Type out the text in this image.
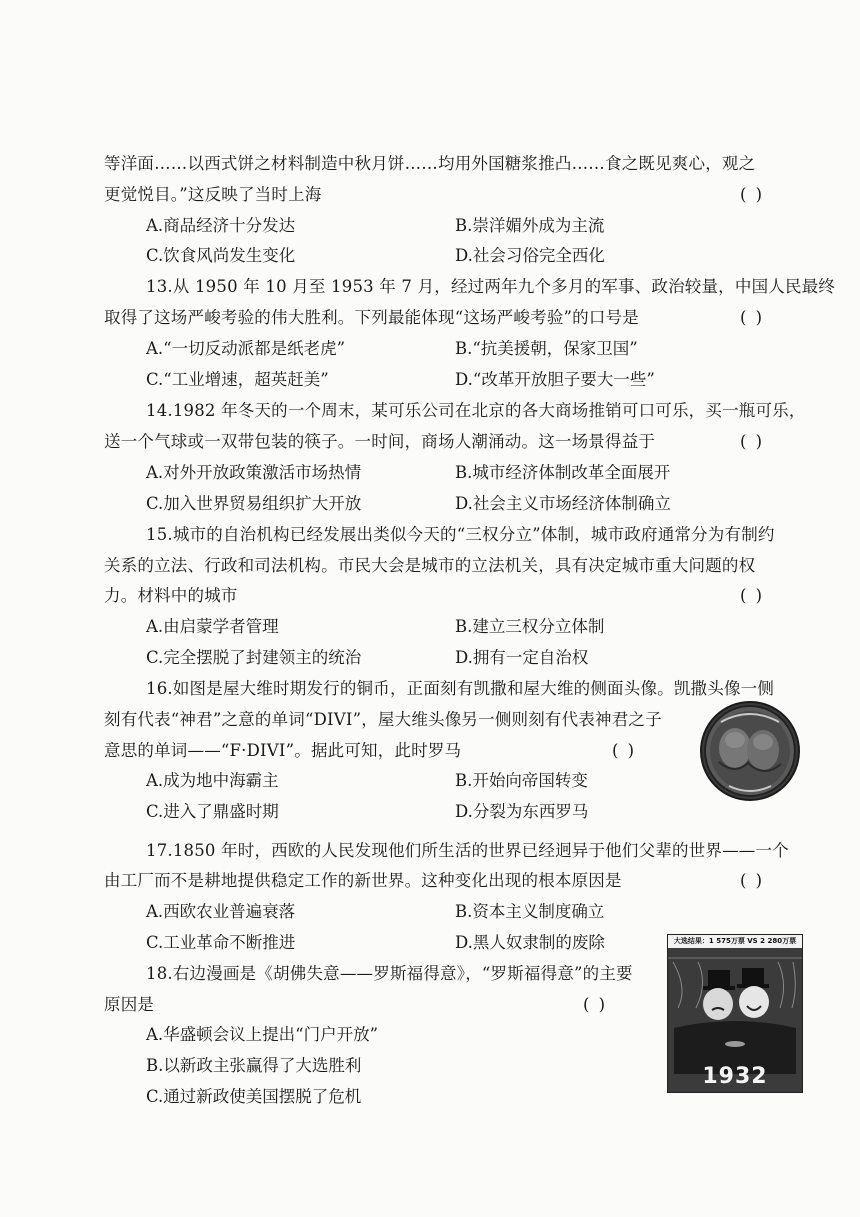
等洋面……以西式饼之材料制造中秋月饼……均用外国糖浆推凸……食之既见爽心，观之
更觉悦目。”这反映了当时上海	( )
A.商品经济十分发达	B.崇洋媚外成为主流
C.饮食风尚发生变化	D.社会习俗完全西化
13.从 1950 年 10 月至 1953 年 7 月，经过两年九个多月的军事、政治较量，中国人民最终
取得了这场严峻考验的伟大胜利。下列最能体现“这场严峻考验”的口号是	( )
A.“一切反动派都是纸老虎”	B.“抗美援朝，保家卫国”
C.“工业增速，超英赶美”	D.“改革开放胆子要大一些”
14.1982 年冬天的一个周末，某可乐公司在北京的各大商场推销可口可乐，买一瓶可乐，
送一个气球或一双带包装的筷子。一时间，商场人潮涌动。这一场景得益于	( )
A.对外开放政策激活市场热情	B.城市经济体制改革全面展开
C.加入世界贸易组织扩大开放	D.社会主义市场经济体制确立
15.城市的自治机构已经发展出类似今天的“三权分立”体制，城市政府通常分为有制约
关系的立法、行政和司法机构。市民大会是城市的立法机关，具有决定城市重大问题的权
力。材料中的城市	( )
A.由启蒙学者管理	B.建立三权分立体制
C.完全摆脱了封建领主的统治	D.拥有一定自治权
16.如图是屋大维时期发行的铜币，正面刻有凯撒和屋大维的侧面头像。凯撒头像一侧
刻有代表“神君”之意的单词“DIVI”，屋大维头像另一侧则刻有代表神君之子
意思的单词——“F·DIVI”。据此可知，此时罗马	( )
A.成为地中海霸主	B.开始向帝国转变
C.进入了鼎盛时期	D.分裂为东西罗马
17.1850 年时，西欧的人民发现他们所生活的世界已经迥异于他们父辈的世界——一个
由工厂而不是耕地提供稳定工作的新世界。这种变化出现的根本原因是	( )
A.西欧农业普遍衰落	B.资本主义制度确立
C.工业革命不断推进	D.黑人奴隶制的废除
18.右边漫画是《胡佛失意——罗斯福得意》，“罗斯福得意”的主要
原因是	( )
A.华盛顿会议上提出“门户开放”
B.以新政主张赢得了大选胜利
C.通过新政使美国摆脱了危机
大选结果：1 575万票 VS 2 280万票
1932
